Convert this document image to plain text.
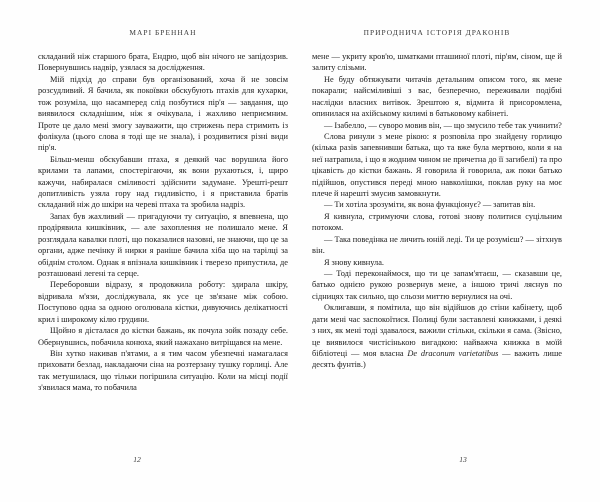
МАРІ БРЕННАН

складаний ніж старшого брата, Ендрю, щоб він нічого не запідозрив. Повернувшись надвір, узялася за дослідження.

Мій підхід до справи був організований, хоча й не зовсім розсудливий. Я бачила, як покоївки обскубують птахів для кухарки, тож розуміла, що насамперед слід позбутися пір'я — завдання, що виявилося складнішим, ніж я очікувала, і жахливо неприємним. Проте це дало мені змогу зауважити, що стрижень пера стримить із фолікула (цього слова я тоді ще не знала), і роздивитися різні види пір'я.

Більш-менш обскубавши птаха, я деякий час ворушила його крилами та лапами, спостерігаючи, як вони рухаються, і, щиро кажучи, набиралася сміливості здійснити задумане. Урешті-решт допитливість узяла гору над гидливістю, і я приставила братів складаний ніж до шкіри на череві птаха та зробила надріз.

Запах був жахливий — пригадуючи ту ситуацію, я впевнена, що продірявила кишківник, — але захоплення не полишало мене. Я розглядала кавалки плоті, що показалися назовні, не знаючи, що це за органи, адже печінку й нирки я раніше бачила хіба що на тарілці за обіднім столом. Однак я впізнала кишківник і тверезо припустила, де розташовані легені та серце.

Переборовши відразу, я продовжила роботу: здирала шкіру, відривала м'язи, досліджувала, як усе це зв'язане між собою. Поступово одна за одною оголювала кістки, дивуючись делікатності крил і широкому кілю грудини.

Щойно я дісталася до кістки бажань, як почула зойк позаду себе. Обернувшись, побачила конюха, який нажахано витріщався на мене.

Він хутко накивав п'ятами, а я тим часом убезпечні намагалася приховати безлад, накладаючи сіна на розтерзану тушку горлиці. Але так метушилася, що тільки погіршила ситуацію. Коли на місці події з'явилася мама, то побачила

12
ПРИРОДНИЧА ІСТОРІЯ ДРАКОНІВ

мене — укриту кров'ю, шматками пташиної плоті, пір'ям, сіном, ще й залиту слізьми.

Не буду обтяжувати читачів детальним описом того, як мене покарали; найсміливіші з вас, безперечно, переживали подібні наслідки власних витівок. Зрештою я, відмита й присоромлена, опинилася на ахійському килимі в батьковому кабінеті.

— Ізабелло, — суворо мовив він, — що змусило тебе так учинити?

Слова ринули з мене рікою: я розповіла про знайдену горлицю (кілька разів запевнивши батька, що та вже була мертвою, коли я на неї натрапила, і що я жодним чином не причетна до її загибелі) та про цікавість до кістки бажань. Я говорила й говорила, аж поки батько підійшов, опустився переді мною навколішки, поклав руку на моє плече й нарешті змусив замовкнути.

— Ти хотіла зрозуміти, як вона функціонує? — запитав він.

Я кивнула, стримуючи слова, готові знову политися суцільним потоком.

— Така поведінка не личить юній леді. Ти це розумієш? — зітхнув він.

Я знову кивнула.

— Тоді переконаймося, що ти це запам'ятаєш, — сказавши це, батько однією рукою розвернув мене, а іншою тричі ляснув по сідницях так сильно, що сльози миттю вернулися на очі.

Оклигавши, я помітила, що він відійшов до стіни кабінету, щоб дати мені час заспокоїтися. Полиці були заставлені книжками, і деякі з них, як мені тоді здавалося, важили стільки, скільки я сама. (Звісно, це виявилося чистісінькою вигадкою: найважча книжка в моїй бібліотеці — моя власна De draconum varietatibus — важить лише десять фунтів.)

13
